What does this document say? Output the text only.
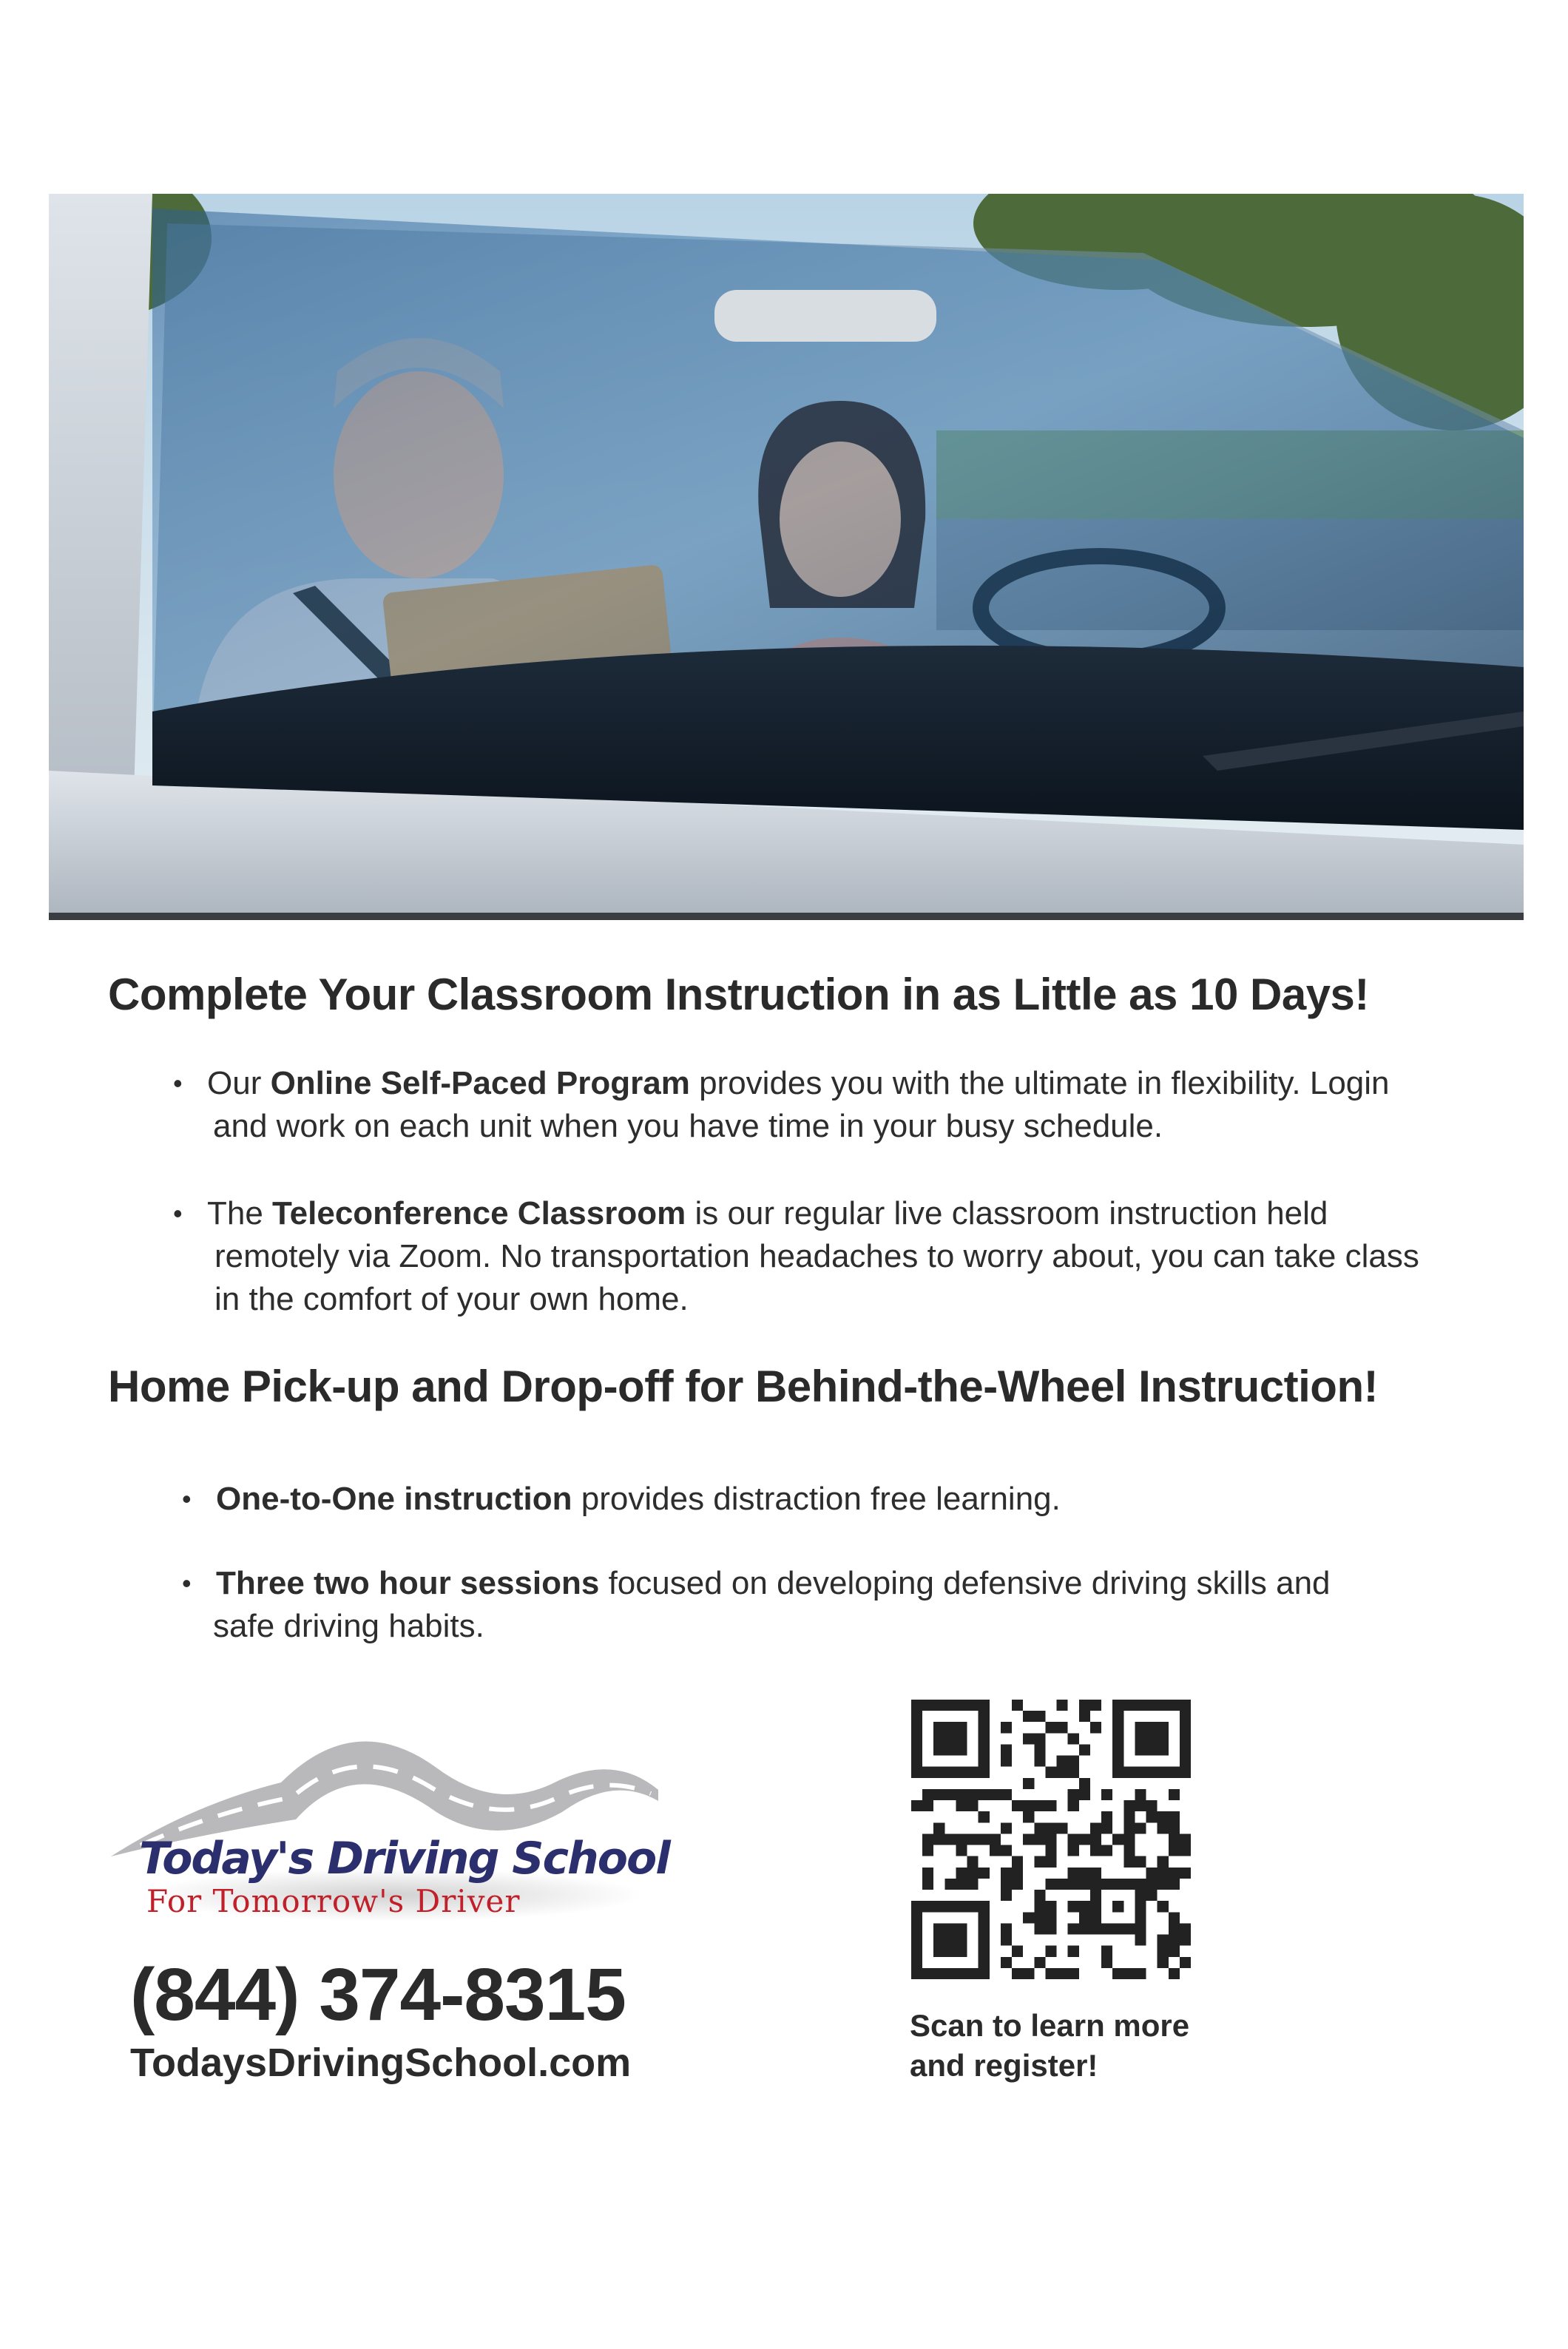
Complete Your Classroom Instruction in as Little as 10 Days!
• Our Online Self-Paced Program provides you with the ultimate in flexibility. Login
and work on each unit when you have time in your busy schedule.
• The Teleconference Classroom is our regular live classroom instruction held
remotely via Zoom. No transportation headaches to worry about, you can take class
in the comfort of your own home.
Home Pick-up and Drop-off for Behind-the-Wheel Instruction!
• One-to-One instruction provides distraction free learning.
• Three two hour sessions focused on developing defensive driving skills and
safe driving habits.
Today's Driving School
For Tomorrow's Driver
(844) 374-8315
TodaysDrivingSchool.com
Scan to learn more
and register!
